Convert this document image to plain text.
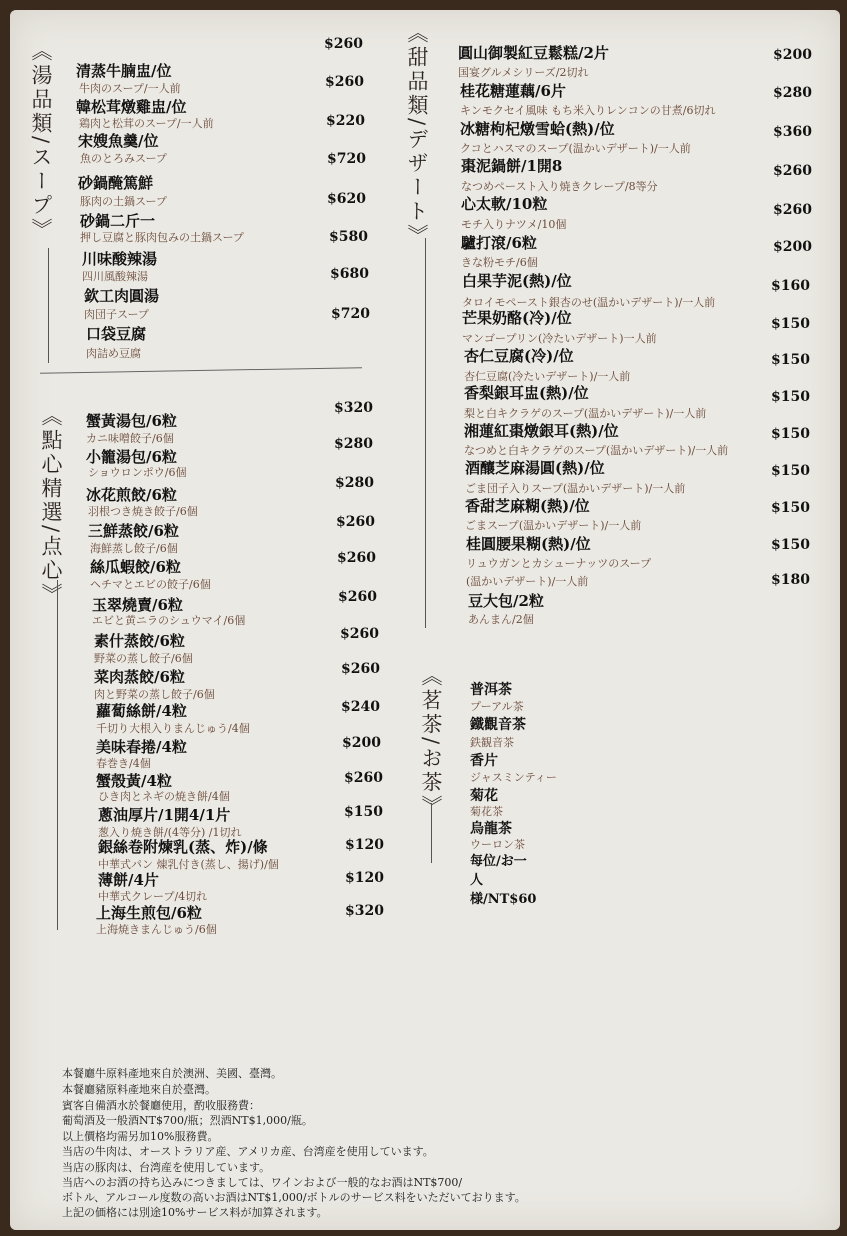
《湯品類/スープ》
《點心精選/点心》
《甜品類/デザート》
《茗茶/お茶》
清蒸牛腩盅/位
牛肉のスープ/一人前
$260
韓松茸燉雞盅/位
鶏肉と松茸のスープ/一人前
$260
宋嫂魚羹/位
魚のとろみスープ
$220
砂鍋醃篤鮮
豚肉の土鍋スープ
$720
砂鍋二斤一
押し豆腐と豚肉包みの土鍋スープ
$620
川味酸辣湯
四川風酸辣湯
$580
欽工肉圓湯
肉団子スープ
$680
口袋豆腐
肉詰め豆腐
$720
蟹黃湯包/6粒
カニ味噌餃子/6個
$320
小籠湯包/6粒
ショウロンポウ/6個
$280
冰花煎餃/6粒
羽根つき焼き餃子/6個
$280
三鮮蒸餃/6粒
海鮮蒸し餃子/6個
$260
絲瓜蝦餃/6粒
ヘチマとエビの餃子/6個
$260
玉翠燒賣/6粒
エビと黄ニラのシュウマイ/6個
$260
素什蒸餃/6粒
野菜の蒸し餃子/6個
$260
菜肉蒸餃/6粒
肉と野菜の蒸し餃子/6個
$260
蘿蔔絲餅/4粒
千切り大根入りまんじゅう/4個
$240
美味春捲/4粒
春巻き/4個
$200
蟹殼黃/4粒
ひき肉とネギの焼き餅/4個
$260
蔥油厚片/1開4/1片
葱入り焼き餅/(4等分) /1切れ
$150
銀絲卷附煉乳(蒸、炸)/條
中華式パン 煉乳付き(蒸し、揚げ)/個
$120
薄餅/4片
中華式クレープ/4切れ
$120
上海生煎包/6粒
上海焼きまんじゅう/6個
$320
圓山御製紅豆鬆糕/2片
国宴グルメシリーズ/2切れ
$200
桂花糖蓮藕/6片
キンモクセイ風味 もち米入りレンコンの甘煮/6切れ
$280
冰糖枸杞燉雪蛤(熱)/位
クコとハスマのスープ(温かいデザート)/一人前
$360
棗泥鍋餅/1開8
なつめペースト入り焼きクレープ/8等分
$260
心太軟/10粒
モチ入りナツメ/10個
$260
驢打滾/6粒
きな粉モチ/6個
$200
白果芋泥(熱)/位
タロイモペースト銀杏のせ(温かいデザート)/一人前
$160
芒果奶酪(冷)/位
マンゴープリン(冷たいデザート)一人前
$150
杏仁豆腐(冷)/位
杏仁豆腐(冷たいデザート)/一人前
$150
香梨銀耳盅(熱)/位
梨と白キクラゲのスープ(温かいデザート)/一人前
$150
湘蓮紅棗燉銀耳(熱)/位
なつめと白キクラゲのスープ(温かいデザート)/一人前
$150
酒釀芝麻湯圓(熱)/位
ごま団子入りスープ(温かいデザート)/一人前
$150
香甜芝麻糊(熱)/位
ごまスープ(温かいデザート)/一人前
$150
桂圓腰果糊(熱)/位
リュウガンとカシューナッツのスープ
(温かいデザート)/一人前
$150
$180
豆大包/2粒
あんまん/2個
普洱茶
プーアル茶
鐵觀音茶
鉄観音茶
香片
ジャスミンティー
菊花
菊花茶
烏龍茶
ウーロン茶
每位/お一人様/NT$60
本餐廳牛原料產地來自於澳洲、美國、臺灣。
本餐廳豬原料產地來自於臺灣。
賓客自備酒水於餐廳使用，酌收服務費：
葡萄酒及一般酒NT$700/瓶；烈酒NT$1,000/瓶。
以上價格均需另加10%服務費。
当店の牛肉は、オーストラリア産、アメリカ産、台湾産を使用しています。
当店の豚肉は、台湾産を使用しています。
当店へのお酒の持ち込みにつきましては、ワインおよび一般的なお酒はNT$700/
ボトル、アルコール度数の高いお酒はNT$1,000/ボトルのサービス料をいただいております。
上記の価格には別途10%サービス料が加算されます。
